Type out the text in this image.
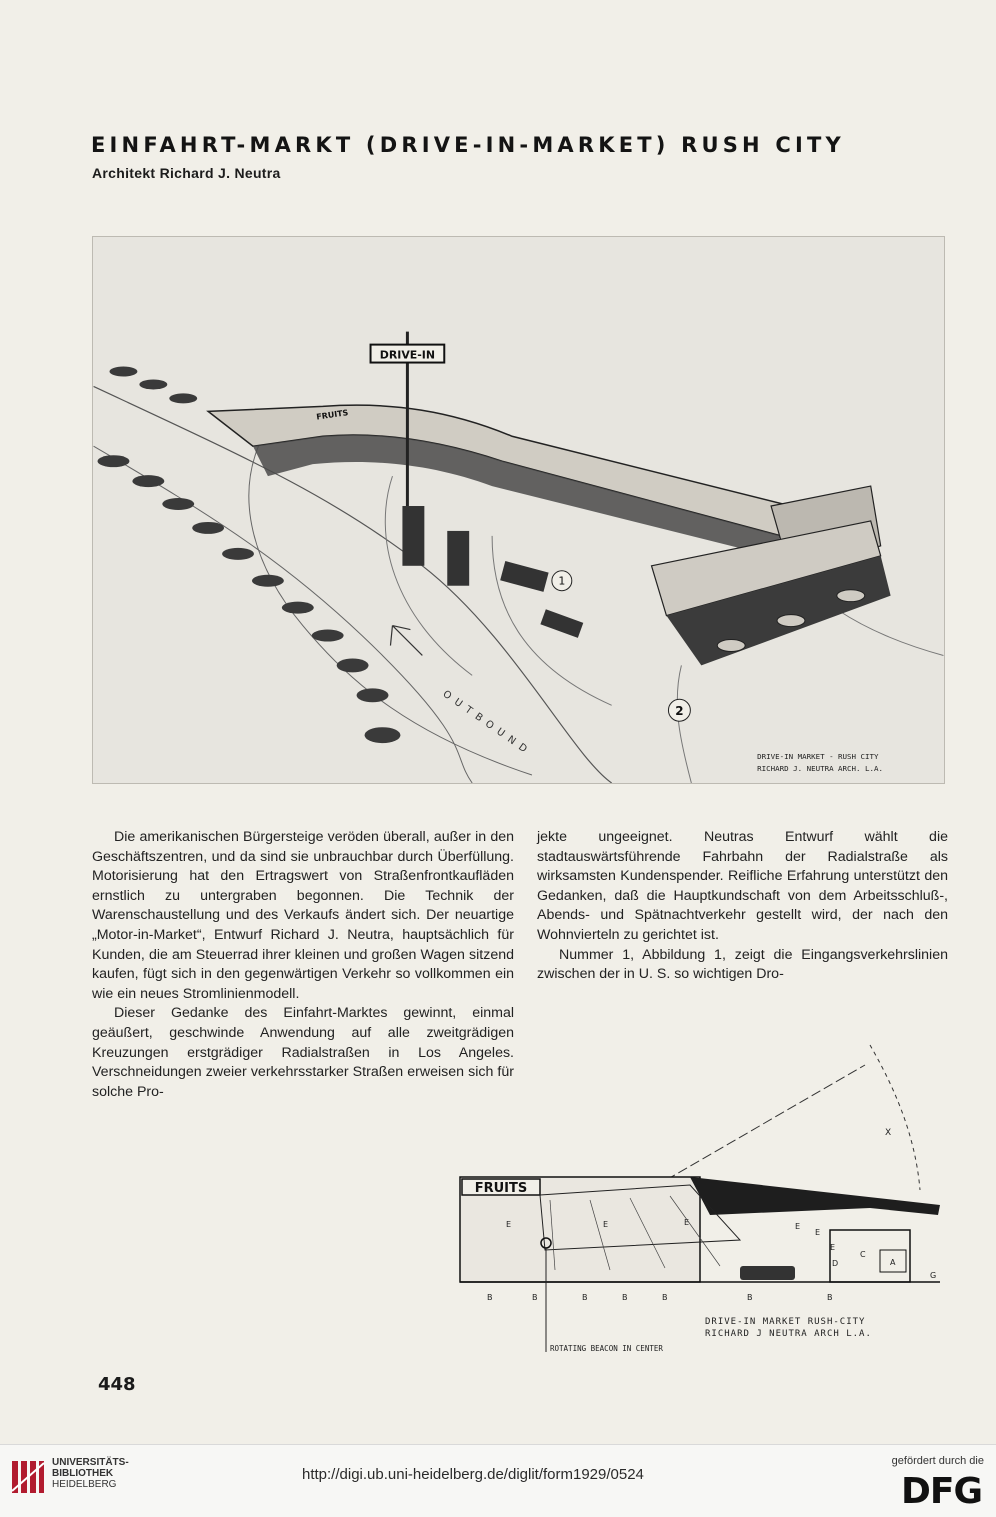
EINFAHRT-MARKT (DRIVE-IN-MARKET) RUSH CITY
Architekt Richard J. Neutra
DRIVE-IN
FRUITS
OUTBOUND
1
2
DRIVE-IN MARKET - RUSH CITY
RICHARD J. NEUTRA ARCH. L.A.

Die amerikanischen Bürgersteige veröden überall, außer in den Geschäftszentren, und da sind sie unbrauchbar durch Überfüllung. Motorisierung hat den Ertragswert von Straßenfrontkaufläden ernstlich zu untergraben begonnen. Die Technik der Warenschaustellung und des Verkaufs ändert sich. Der neuartige „Motor-in-Market“, Entwurf Richard J. Neutra, hauptsächlich für Kunden, die am Steuerrad ihrer kleinen und großen Wagen sitzend kaufen, fügt sich in den gegenwärtigen Verkehr so vollkommen ein wie ein neues Stromlinienmodell.

Dieser Gedanke des Einfahrt-Marktes gewinnt, einmal geäußert, geschwinde Anwendung auf alle zweitgrädigen Kreuzungen erstgrädiger Radialstraßen in Los Angeles. Verschneidungen zweier verkehrsstarker Straßen erweisen sich für solche Pro-

jekte ungeeignet. Neutras Entwurf wählt die stadtauswärtsführende Fahrbahn der Radialstraße als wirksamsten Kundenspender. Reifliche Erfahrung unterstützt den Gedanken, daß die Hauptkundschaft von dem Arbeitsschluß-, Abends- und Spätnachtverkehr gestellt wird, der nach den Wohnvierteln zu gerichtet ist.

Nummer 1, Abbildung 1, zeigt die Eingangsverkehrslinien zwischen der in U. S. so wichtigen Dro-

X
FRUITS
E	E	E	E
E
E
A
C
D
G
B	B	B	B	B	B	B
DRIVE-IN MARKET RUSH-CITY
RICHARD J NEUTRA ARCH L.A.
ROTATING BEACON IN CENTER
448
UNIVERSITÄTS-
BIBLIOTHEK
HEIDELBERG
http://digi.ub.uni-heidelberg.de/diglit/form1929/0524
gefördert durch die
DFG
